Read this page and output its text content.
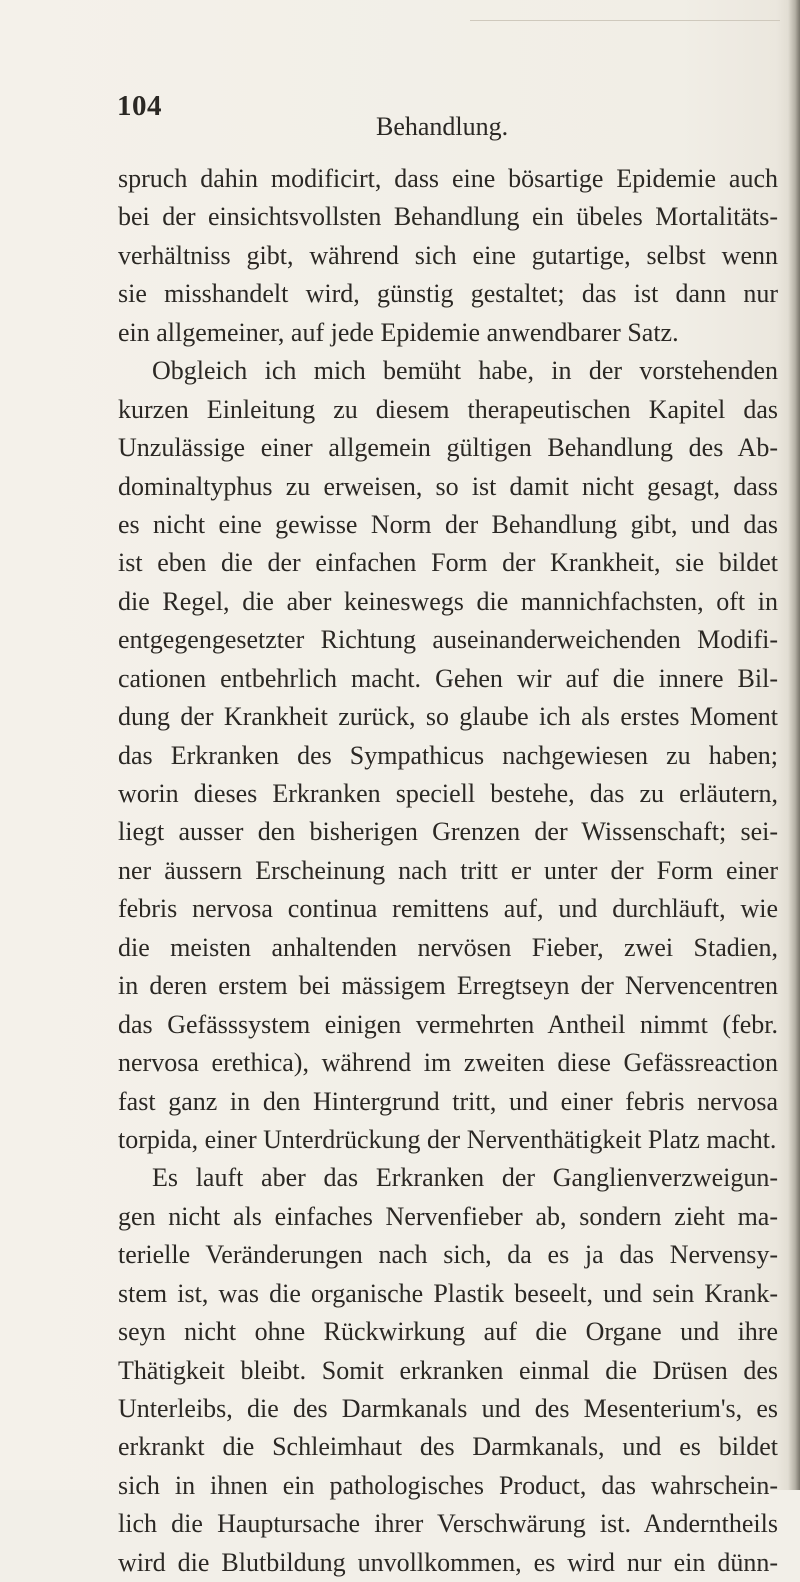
104
Behandlung.
spruch dahin modificirt, dass eine bösartige Epidemie auch
bei der einsichtsvollsten Behandlung ein übeles Mortalitäts-
verhältniss gibt, während sich eine gutartige, selbst wenn
sie misshandelt wird, günstig gestaltet; das ist dann nur
ein allgemeiner, auf jede Epidemie anwendbarer Satz.
Obgleich ich mich bemüht habe, in der vorstehenden
kurzen Einleitung zu diesem therapeutischen Kapitel das
Unzulässige einer allgemein gültigen Behandlung des Ab-
dominaltyphus zu erweisen, so ist damit nicht gesagt, dass
es nicht eine gewisse Norm der Behandlung gibt, und das
ist eben die der einfachen Form der Krankheit, sie bildet
die Regel, die aber keineswegs die mannichfachsten, oft in
entgegengesetzter Richtung auseinanderweichenden Modifi-
cationen entbehrlich macht. Gehen wir auf die innere Bil-
dung der Krankheit zurück, so glaube ich als erstes Moment
das Erkranken des Sympathicus nachgewiesen zu haben;
worin dieses Erkranken speciell bestehe, das zu erläutern,
liegt ausser den bisherigen Grenzen der Wissenschaft; sei-
ner äussern Erscheinung nach tritt er unter der Form einer
febris nervosa continua remittens auf, und durchläuft, wie
die meisten anhaltenden nervösen Fieber, zwei Stadien,
in deren erstem bei mässigem Erregtseyn der Nervencentren
das Gefässsystem einigen vermehrten Antheil nimmt (febr.
nervosa erethica), während im zweiten diese Gefässreaction
fast ganz in den Hintergrund tritt, und einer febris nervosa
torpida, einer Unterdrückung der Nerventhätigkeit Platz macht.
Es lauft aber das Erkranken der Ganglienverzweigun-
gen nicht als einfaches Nervenfieber ab, sondern zieht ma-
terielle Veränderungen nach sich, da es ja das Nervensy-
stem ist, was die organische Plastik beseelt, und sein Krank-
seyn nicht ohne Rückwirkung auf die Organe und ihre
Thätigkeit bleibt. Somit erkranken einmal die Drüsen des
Unterleibs, die des Darmkanals und des Mesenterium's, es
erkrankt die Schleimhaut des Darmkanals, und es bildet
sich in ihnen ein pathologisches Product, das wahrschein-
lich die Hauptursache ihrer Verschwärung ist. Anderntheils
wird die Blutbildung unvollkommen, es wird nur ein dünn-
